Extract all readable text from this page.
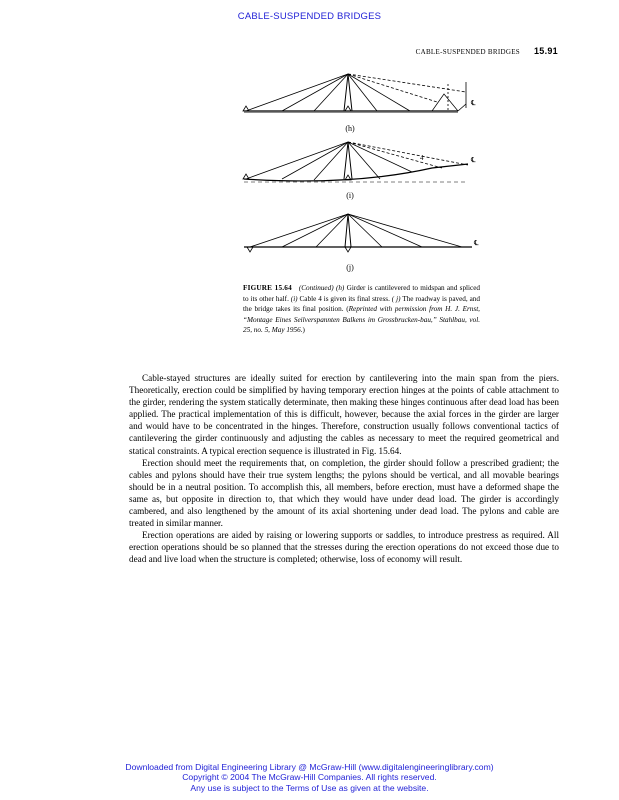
CABLE-SUSPENDED BRIDGES
CABLE-SUSPENDED BRIDGES 15.91
(h)
(i)
(j)
4
℄
℄
℄
FIGURE 15.64 (Continued) (h) Girder is cantilevered to midspan and spliced to its other half. (i) Cable 4 is given its final stress. ( j) The roadway is paved, and the bridge takes its final position. (Reprinted with permission from H. J. Ernst, “Montage Eines Seilverspannten Balkens im Grossbrucken-bau,” Stahlbau, vol. 25, no. 5, May 1956.)

Cable-stayed structures are ideally suited for erection by cantilevering into the main span from the piers. Theoretically, erection could be simplified by having temporary erection hinges at the points of cable attachment to the girder, rendering the system statically determinate, then making these hinges continuous after dead load has been applied. The practical implementation of this is difficult, however, because the axial forces in the girder are larger and would have to be concentrated in the hinges. Therefore, construction usually follows conventional tactics of cantilevering the girder continuously and adjusting the cables as necessary to meet the required geometrical and statical constraints. A typical erection sequence is illustrated in Fig. 15.64.

Erection should meet the requirements that, on completion, the girder should follow a prescribed gradient; the cables and pylons should have their true system lengths; the pylons should be vertical, and all movable bearings should be in a neutral position. To accomplish this, all members, before erection, must have a deformed shape the same as, but opposite in direction to, that which they would have under dead load. The girder is accordingly cambered, and also lengthened by the amount of its axial shortening under dead load. The pylons and cable are treated in similar manner.

Erection operations are aided by raising or lowering supports or saddles, to introduce prestress as required. All erection operations should be so planned that the stresses during the erection operations do not exceed those due to dead and live load when the structure is completed; otherwise, loss of economy will result.

Downloaded from Digital Engineering Library @ McGraw-Hill (www.digitalengineeringlibrary.com)
Copyright © 2004 The McGraw-Hill Companies. All rights reserved.
Any use is subject to the Terms of Use as given at the website.
